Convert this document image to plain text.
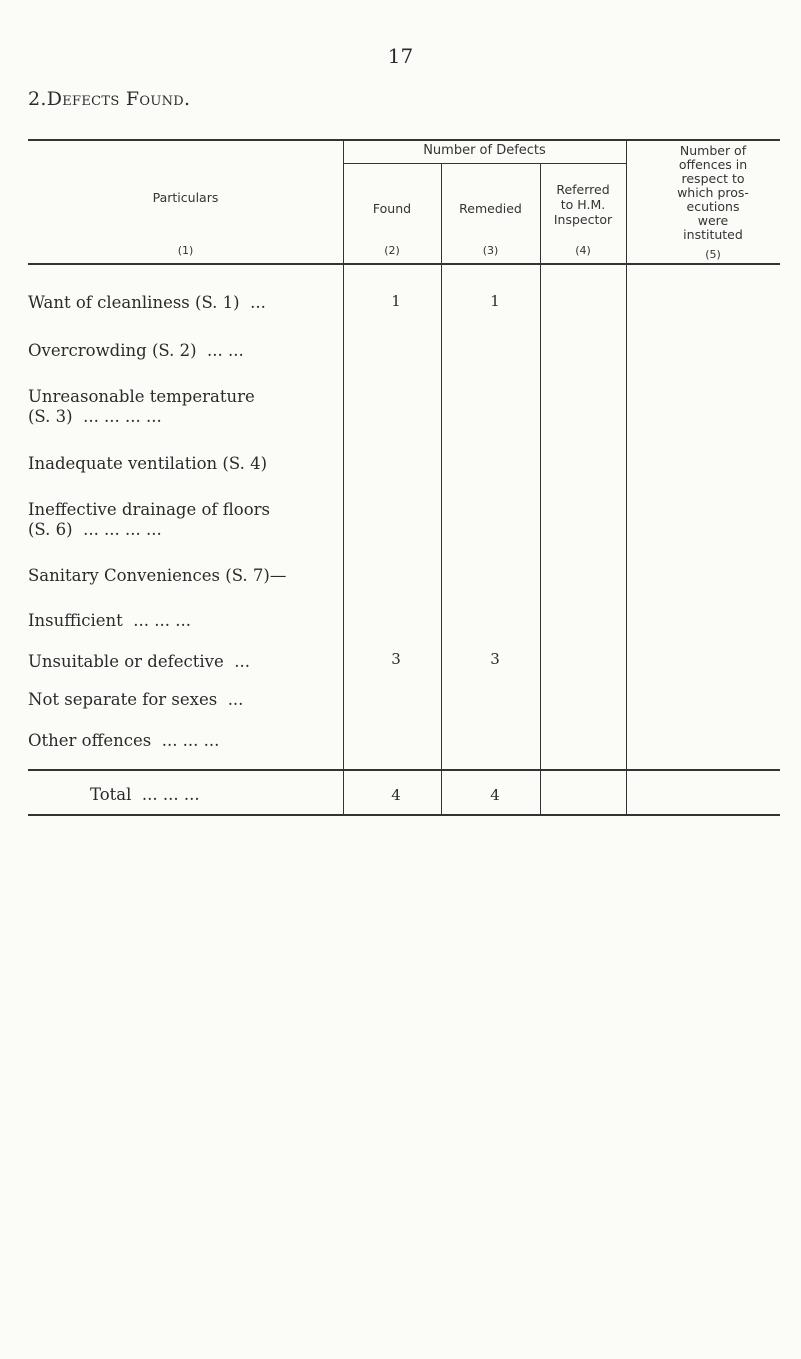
17
2.Defects Found.
Particulars
(1)
Number of Defects
Found
(2)
Remedied
(3)
Referred
to H.M.
Inspector
(4)
Number of
offences in
respect to
which pros-
ecutions
were
instituted
(5)
Want of cleanliness (S. 1) ...	1	1
Overcrowding (S. 2) ... ...
Unreasonable temperature
(S. 3) ... ... ... ...
Inadequate ventilation (S. 4)
Ineffective drainage of floors
(S. 6) ... ... ... ...
Sanitary Conveniences (S. 7)—
Insufficient ... ... ...
Unsuitable or defective ...	3	3
Not separate for sexes ...
Other offences ... ... ...
Total ... ... ...	4	4
